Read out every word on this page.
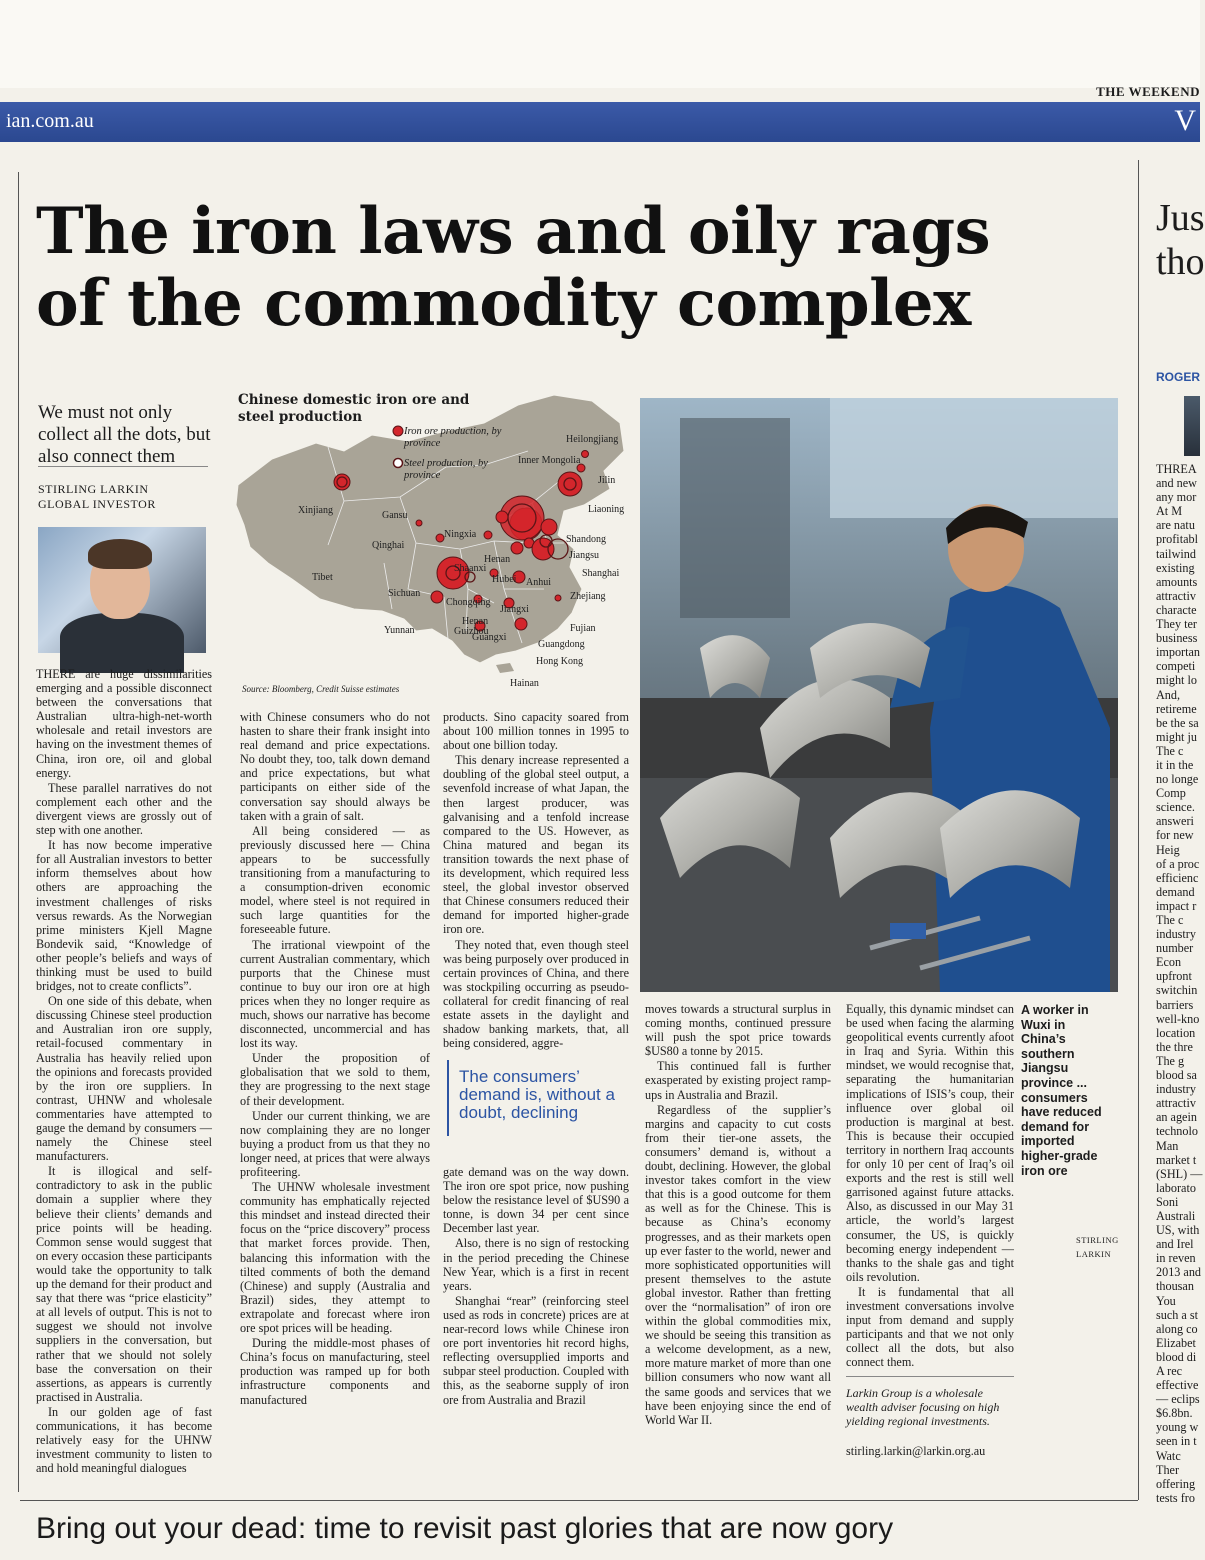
THE WEEKEND
ian.com.au	V
The iron laws and oily rags
of the commodity complex
We must not only collect all the dots, but also connect them
STIRLING LARKIN
GLOBAL INVESTOR
Chinese domestic iron ore and steel production
Heilongjiang
Inner Mongolia
Jilin
Liaoning
Xinjiang	Gansu
Ningxia
Qinghai
Shandong
Jiangsu
Henan
Shaanxi
Hubei Anhui
Shanghai
Tibet
Sichuan
Chongqing
Zhejiang
Jiangxi
Henan
Yunnan	Guizhou	Fujian
Guangxi
Guangdong
Hong Kong
Hainan
Iron ore production, by province
Steel production, by province
Source: Bloomberg, Credit Suisse estimates

THERE are huge dissimilarities emerging and a possible disconnect between the conversations that Australian ultra-high-net-worth wholesale and retail investors are having on the investment themes of China, iron ore, oil and global energy.

These parallel narratives do not complement each other and the divergent views are grossly out of step with one another.

It has now become imperative for all Australian investors to better inform themselves about how others are approaching the investment challenges of risks versus rewards. As the Norwegian prime ministers Kjell Magne Bondevik said, “Knowledge of other people’s beliefs and ways of thinking must be used to build bridges, not to create conflicts”.

On one side of this debate, when discussing Chinese steel production and Australian iron ore supply, retail-focused commentary in Australia has heavily relied upon the opinions and forecasts provided by the iron ore suppliers. In contrast, UHNW and wholesale commentaries have attempted to gauge the demand by consumers — namely the Chinese steel manufacturers.

It is illogical and self-contradictory to ask in the public domain a supplier where they believe their clients’ demands and price points will be heading. Common sense would suggest that on every occasion these participants would take the opportunity to talk up the demand for their product and say that there was “price elasticity” at all levels of output. This is not to suggest we should not involve suppliers in the conversation, but rather that we should not solely base the conversation on their assertions, as appears is currently practised in Australia.

In our golden age of fast communications, it has become relatively easy for the UHNW investment community to listen to and hold meaningful dialogues

with Chinese consumers who do not hasten to share their frank insight into real demand and price expectations. No doubt they, too, talk down demand and price expectations, but what participants on either side of the conversation say should always be taken with a grain of salt.

All being considered — as previously discussed here — China appears to be successfully transitioning from a manufacturing to a consumption-driven economic model, where steel is not required in such large quantities for the foreseeable future.

The irrational viewpoint of the current Australian commentary, which purports that the Chinese must continue to buy our iron ore at high prices when they no longer require as much, shows our narrative has become disconnected, uncommercial and has lost its way.

Under the proposition of globalisation that we sold to them, they are progressing to the next stage of their development.

Under our current thinking, we are now complaining they are no longer buying a product from us that they no longer need, at prices that were always profiteering.

The UHNW wholesale investment community has emphatically rejected this mindset and instead directed their focus on the “price discovery” process that market forces provide. Then, balancing this information with the tilted comments of both the demand (Chinese) and supply (Australia and Brazil) sides, they attempt to extrapolate and forecast where iron ore spot prices will be heading.

During the middle-most phases of China’s focus on manufacturing, steel production was ramped up for both infrastructure components and manufactured

products. Sino capacity soared from about 100 million tonnes in 1995 to about one billion today.

This denary increase represented a doubling of the global steel output, a sevenfold increase of what Japan, the then largest producer, was galvanising and a tenfold increase compared to the US. However, as China matured and began its transition towards the next phase of its development, which required less steel, the global investor observed that Chinese consumers reduced their demand for imported higher-grade iron ore.

They noted that, even though steel was being purposely over produced in certain provinces of China, and there was stockpiling occurring as pseudo-collateral for credit financing of real estate assets in the daylight and shadow banking markets, that, all being considered, aggre-

The consumers’ demand is, without a doubt, declining

gate demand was on the way down. The iron ore spot price, now pushing below the resistance level of $US90 a tonne, is down 34 per cent since December last year.

Also, there is no sign of restocking in the period preceding the Chinese New Year, which is a first in recent years.

Shanghai “rear” (reinforcing steel used as rods in concrete) prices are at near-record lows while Chinese iron ore port inventories hit record highs, reflecting oversupplied imports and subpar steel production. Coupled with this, as the seaborne supply of iron ore from Australia and Brazil

moves towards a structural surplus in coming months, continued pressure will push the spot price towards $US80 a tonne by 2015.

This continued fall is further exasperated by existing project ramp-ups in Australia and Brazil.

Regardless of the supplier’s margins and capacity to cut costs from their tier-one assets, the consumers’ demand is, without a doubt, declining. However, the global investor takes comfort in the view that this is a good outcome for them as well as for the Chinese. This is because as China’s economy progresses, and as their markets open up ever faster to the world, newer and more sophisticated opportunities will present themselves to the astute global investor. Rather than fretting over the “normalisation” of iron ore within the global commodities mix, we should be seeing this transition as a welcome development, as a new, more mature market of more than one billion consumers who now want all the same goods and services that we have been enjoying since the end of World War II.

Equally, this dynamic mindset can be used when facing the alarming geopolitical events currently afoot in Iraq and Syria. Within this mindset, we would recognise that, separating the humanitarian implications of ISIS’s coup, their influence over global oil production is marginal at best. This is because their occupied territory in northern Iraq accounts for only 10 per cent of Iraq’s oil exports and the rest is still well garrisoned against future attacks. Also, as discussed in our May 31 article, the world’s largest consumer, the US, is quickly becoming energy independent — thanks to the shale gas and tight oils revolution.

It is fundamental that all investment conversations involve input from demand and supply participants and that we not only collect all the dots, but also connect them.

Larkin Group is a wholesale wealth adviser focusing on high yielding regional investments.
stirling.larkin@larkin.org.au
A worker in Wuxi in China’s southern Jiangsu province ... consumers have reduced demand for imported higher-grade iron ore
STIRLING
LARKIN
Jus
tho
ROGER
THREA
and new
any mor
At M
are natu
profitabl
tailwind
existing
amounts
attractiv
characte
They ter
business
importan
competi
might lo
And,
retireme
be the sa
might ju
The c
it in the
no longe
Comp
science.
answeri
for new
Heig
of a proc
efficienc
demand
impact r
The c
industry
number
Econ
upfront
switchin
barriers
well-kno
location
the thre
The g
blood sa
industry
attractiv
an agein
technolo
Man
market t
(SHL) —
laborato
Soni
Australi
US, with
and Irel
in reven
2013 and
thousan
You
such a st
along co
Elizabet
blood di
A rec
effective
— eclips
$6.8bn.
young w
seen in t
Watc
Ther
offering
tests fro
Bring out your dead: time to revisit past glories that are now gory
